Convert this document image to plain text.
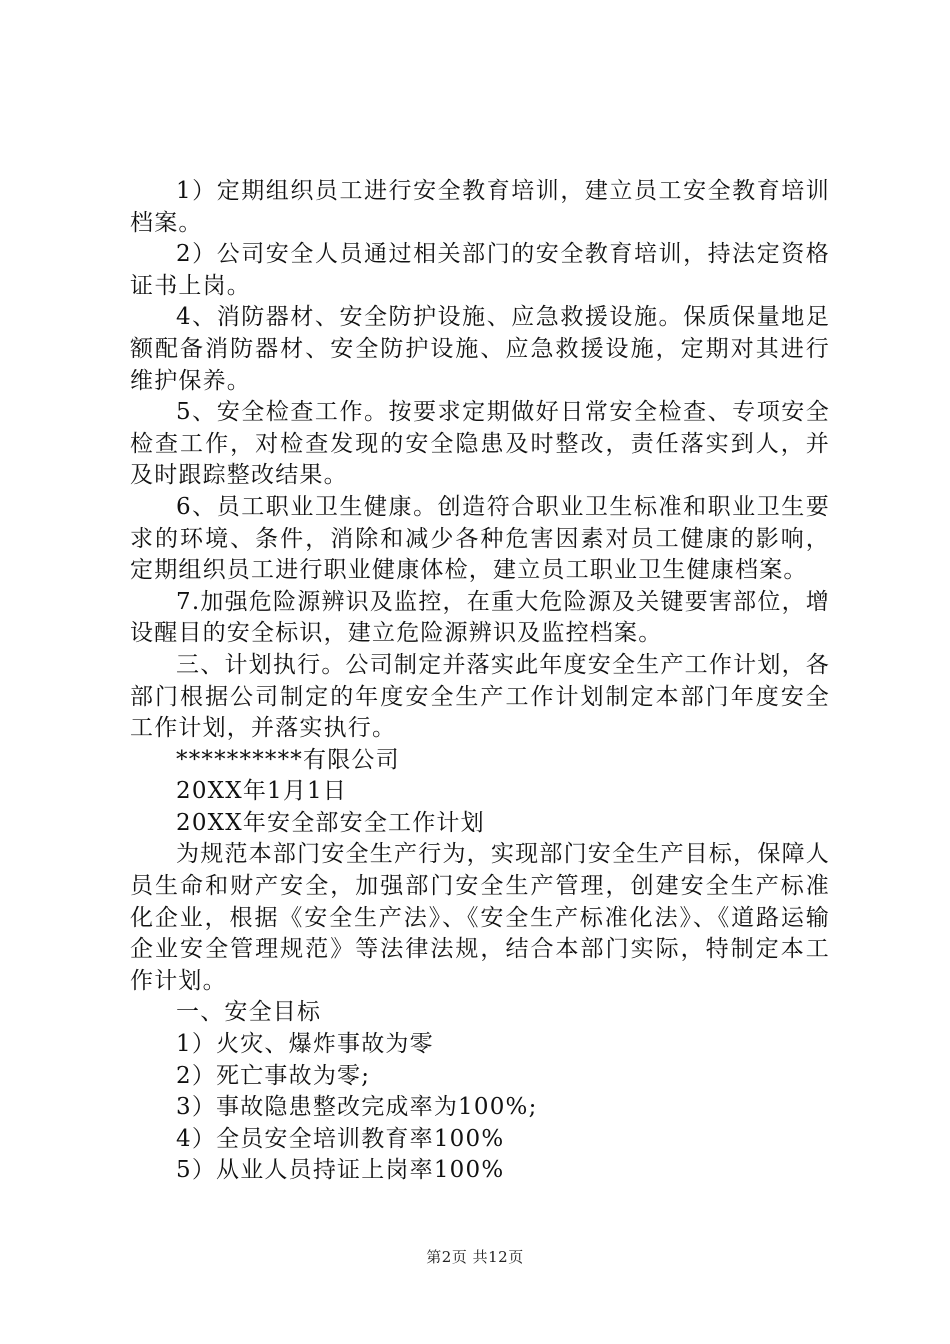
1）定期组织员工进行安全教育培训，建立员工安全教育培训档案。

2）公司安全人员通过相关部门的安全教育培训，持法定资格证书上岗。

4、消防器材、安全防护设施、应急救援设施。保质保量地足额配备消防器材、安全防护设施、应急救援设施，定期对其进行维护保养。

5、安全检查工作。按要求定期做好日常安全检查、专项安全检查工作，对检查发现的安全隐患及时整改，责任落实到人，并及时跟踪整改结果。

6、员工职业卫生健康。创造符合职业卫生标准和职业卫生要求的环境、条件，消除和减少各种危害因素对员工健康的影响，定期组织员工进行职业健康体检，建立员工职业卫生健康档案。

7.加强危险源辨识及监控，在重大危险源及关键要害部位，增设醒目的安全标识，建立危险源辨识及监控档案。

三、计划执行。公司制定并落实此年度安全生产工作计划，各部门根据公司制定的年度安全生产工作计划制定本部门年度安全工作计划，并落实执行。

**********有限公司

20XX年1月1日

20XX年安全部安全工作计划

为规范本部门安全生产行为，实现部门安全生产目标，保障人员生命和财产安全，加强部门安全生产管理，创建安全生产标准化企业，根据《安全生产法》、《安全生产标准化法》、《道路运输企业安全管理规范》等法律法规，结合本部门实际，特制定本工作计划。

一、安全目标

1）火灾、爆炸事故为零

2）死亡事故为零;

3）事故隐患整改完成率为100%;

4）全员安全培训教育率100%

5）从业人员持证上岗率100%

第2页 共12页
